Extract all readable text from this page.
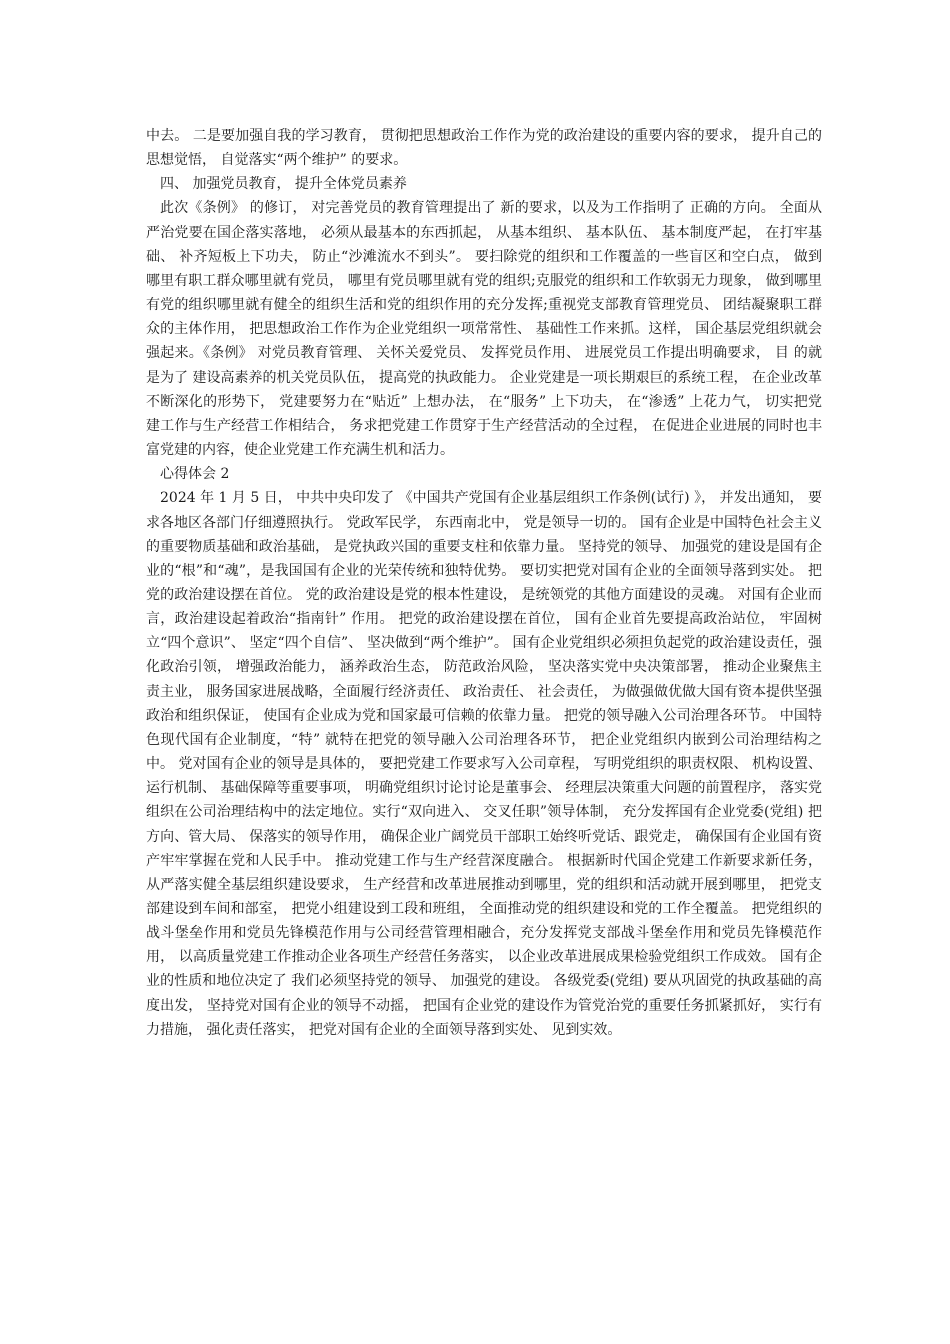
中去。 二是要加强自我的学习教育， 贯彻把思想政治工作作为党的政治建设的重要内容的要求， 提升自己的思想觉悟， 自觉落实“两个维护” 的要求。

四、 加强党员教育， 提升全体党员素养

此次《条例》 的修订， 对完善党员的教育管理提出了 新的要求，以及为工作指明了 正确的方向。 全面从严治党要在国企落实落地， 必须从最基本的东西抓起， 从基本组织、 基本队伍、 基本制度严起， 在打牢基础、 补齐短板上下功夫， 防止“沙滩流水不到头”。 要扫除党的组织和工作覆盖的一些盲区和空白点， 做到哪里有职工群众哪里就有党员， 哪里有党员哪里就有党的组织;克服党的组织和工作软弱无力现象， 做到哪里有党的组织哪里就有健全的组织生活和党的组织作用的充分发挥;重视党支部教育管理党员、 团结凝聚职工群众的主体作用， 把思想政治工作作为企业党组织一项常常性、 基础性工作来抓。这样， 国企基层党组织就会强起来。《条例》 对党员教育管理、 关怀关爱党员、 发挥党员作用、 进展党员工作提出明确要求， 目 的就是为了 建设高素养的机关党员队伍， 提高党的执政能力。 企业党建是一项长期艰巨的系统工程， 在企业改革不断深化的形势下， 党建要努力在“贴近” 上想办法， 在“服务” 上下功夫， 在“渗透” 上花力气， 切实把党建工作与生产经营工作相结合， 务求把党建工作贯穿于生产经营活动的全过程， 在促进企业进展的同时也丰富党建的内容，使企业党建工作充满生机和活力。

心得体会 2

2024 年 1 月 5 日， 中共中央印发了 《中国共产党国有企业基层组织工作条例(试行) 》， 并发出通知， 要求各地区各部门仔细遵照执行。 党政军民学， 东西南北中， 党是领导一切的。 国有企业是中国特色社会主义的重要物质基础和政治基础， 是党执政兴国的重要支柱和依靠力量。 坚持党的领导、 加强党的建设是国有企业的“根”和“魂”，是我国国有企业的光荣传统和独特优势。 要切实把党对国有企业的全面领导落到实处。 把党的政治建设摆在首位。 党的政治建设是党的根本性建设， 是统领党的其他方面建设的灵魂。 对国有企业而言，政治建设起着政治“指南针” 作用。 把党的政治建设摆在首位， 国有企业首先要提高政治站位， 牢固树立“四个意识”、 坚定“四个自信”、 坚决做到“两个维护”。 国有企业党组织必须担负起党的政治建设责任，强化政治引领， 增强政治能力， 涵养政治生态， 防范政治风险， 坚决落实党中央决策部署， 推动企业聚焦主责主业， 服务国家进展战略，全面履行经济责任、 政治责任、 社会责任， 为做强做优做大国有资本提供坚强政治和组织保证， 使国有企业成为党和国家最可信赖的依靠力量。 把党的领导融入公司治理各环节。 中国特色现代国有企业制度，“特” 就特在把党的领导融入公司治理各环节， 把企业党组织内嵌到公司治理结构之中。 党对国有企业的领导是具体的， 要把党建工作要求写入公司章程， 写明党组织的职责权限、 机构设置、 运行机制、 基础保障等重要事项， 明确党组织讨论讨论是董事会、 经理层决策重大问题的前置程序， 落实党组织在公司治理结构中的法定地位。实行“双向进入、 交叉任职”领导体制， 充分发挥国有企业党委(党组) 把方向、管大局、 保落实的领导作用， 确保企业广阔党员干部职工始终听党话、跟党走， 确保国有企业国有资产牢牢掌握在党和人民手中。 推动党建工作与生产经营深度融合。 根据新时代国企党建工作新要求新任务，从严落实健全基层组织建设要求， 生产经营和改革进展推动到哪里，党的组织和活动就开展到哪里， 把党支部建设到车间和部室， 把党小组建设到工段和班组， 全面推动党的组织建设和党的工作全覆盖。 把党组织的战斗堡垒作用和党员先锋模范作用与公司经营管理相融合，充分发挥党支部战斗堡垒作用和党员先锋模范作用， 以高质量党建工作推动企业各项生产经营任务落实， 以企业改革进展成果检验党组织工作成效。 国有企业的性质和地位决定了 我们必须坚持党的领导、 加强党的建设。 各级党委(党组) 要从巩固党的执政基础的高度出发， 坚持党对国有企业的领导不动摇， 把国有企业党的建设作为管党治党的重要任务抓紧抓好， 实行有力措施， 强化责任落实， 把党对国有企业的全面领导落到实处、 见到实效。
